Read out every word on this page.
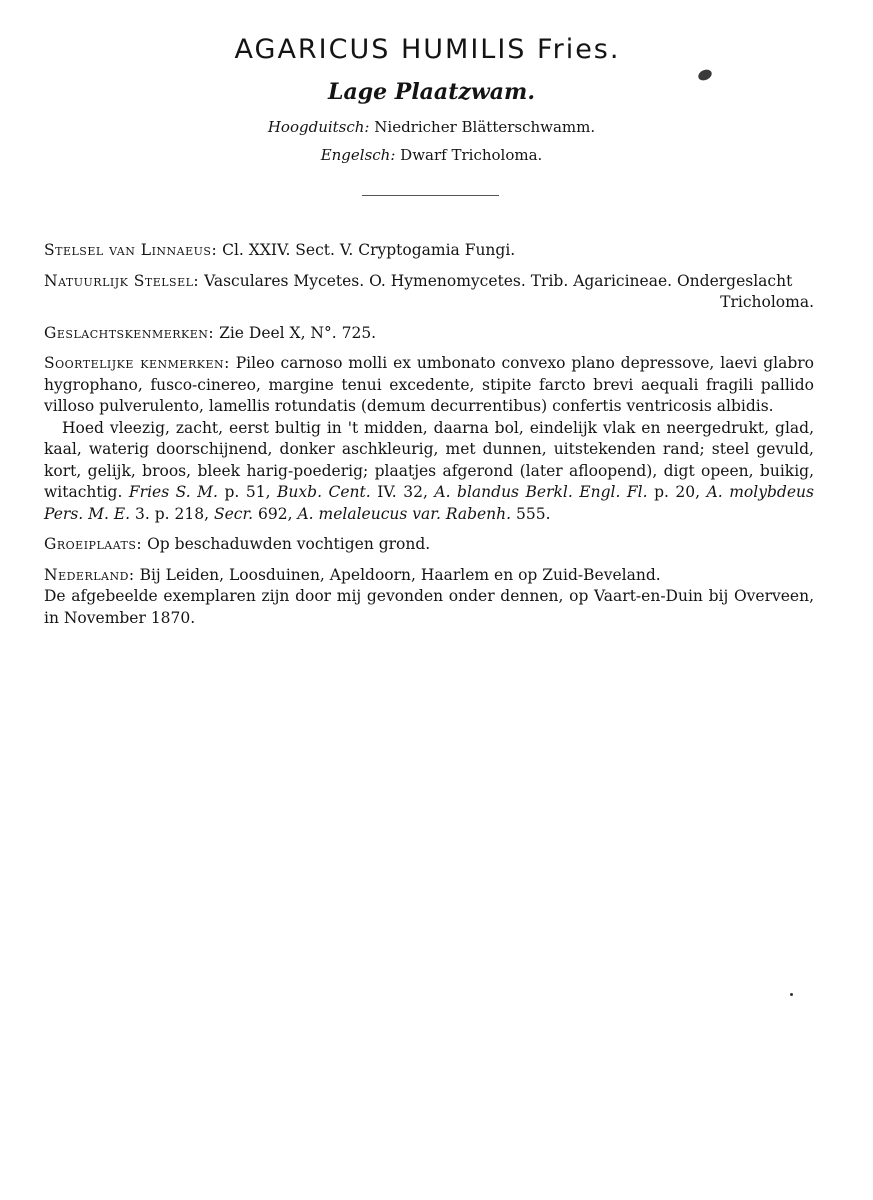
AGARICUS HUMILIS Fries.
Lage Plaatzwam.
Hoogduitsch: Niedricher Blätterschwamm.
Engelsch: Dwarf Tricholoma.

Stelsel van Linnaeus: Cl. XXIV. Sect. V. Cryptogamia Fungi.

Natuurlijk Stelsel: Vasculares Mycetes. O. Hymenomycetes. Trib. Agaricineae. Ondergeslacht

Tricholoma.

Geslachtskenmerken: Zie Deel X, N°. 725.

Soortelijke kenmerken: Pileo carnoso molli ex umbonato convexo plano depressove, laevi glabro hygrophano, fusco-cinereo, margine tenui excedente, stipite farcto brevi aequali fragili pallido villoso pulverulento, lamellis rotundatis (demum decurrentibus) confertis ventricosis albidis.

Hoed vleezig, zacht, eerst bultig in 't midden, daarna bol, eindelijk vlak en neergedrukt, glad, kaal, waterig doorschijnend, donker aschkleurig, met dunnen, uitstekenden rand; steel gevuld, kort, gelijk, broos, bleek harig-poederig; plaatjes afgerond (later afloopend), digt opeen, buikig, witachtig. Fries S. M. p. 51, Buxb. Cent. IV. 32, A. blandus Berkl. Engl. Fl. p. 20, A. molybdeus Pers. M. E. 3. p. 218, Secr. 692, A. melaleucus var. Rabenh. 555.

Groeiplaats: Op beschaduwden vochtigen grond.

Nederland: Bij Leiden, Loosduinen, Apeldoorn, Haarlem en op Zuid-Beveland.

De afgebeelde exemplaren zijn door mij gevonden onder dennen, op Vaart-en-Duin bij Overveen, in November 1870.
